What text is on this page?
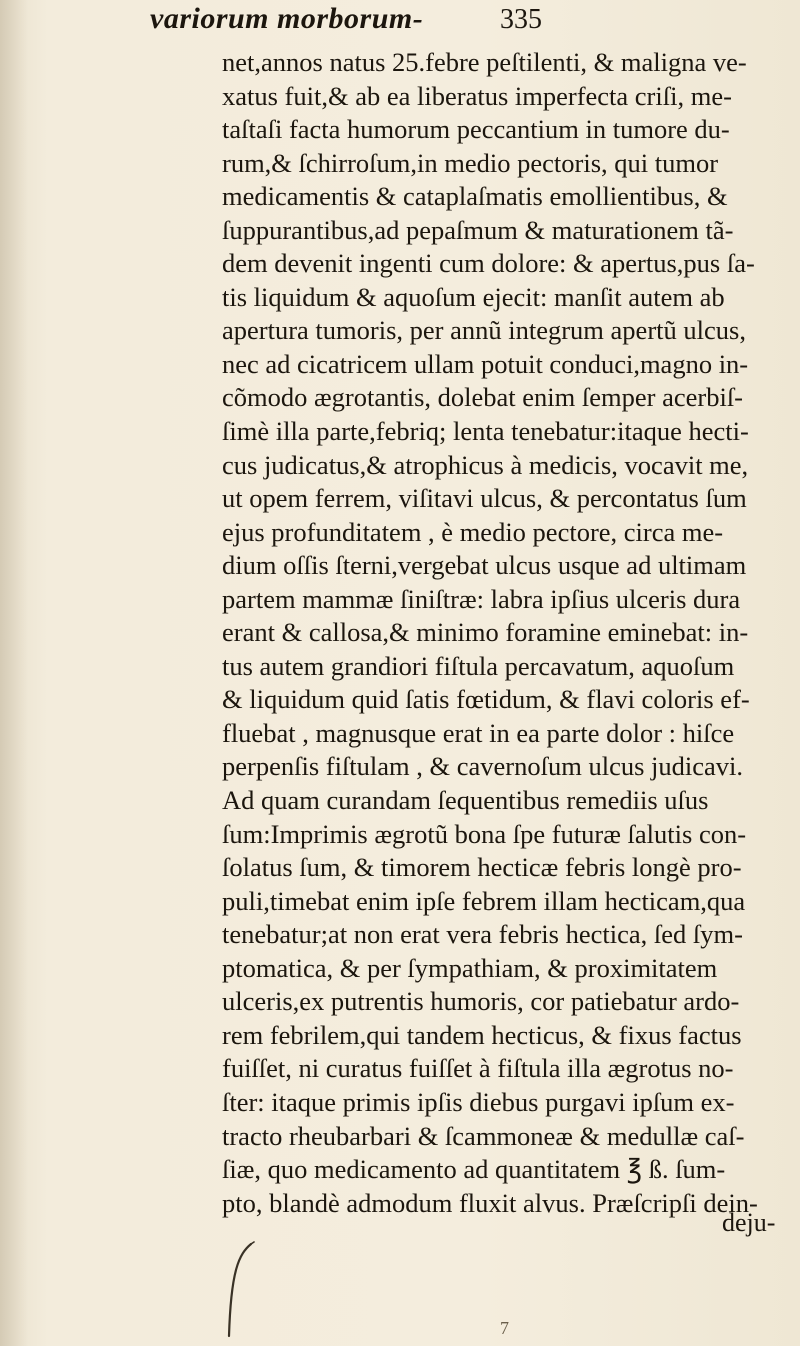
variorum morborum-	335
net,annos natus 25.febre peſtilenti, & maligna ve-
xatus fuit,& ab ea liberatus imperfecta criſi, me-
taſtaſi facta humorum peccantium in tumore du-
rum,& ſchirroſum,in medio pectoris, qui tumor
medicamentis & cataplaſmatis emollientibus, &
ſuppurantibus,ad pepaſmum & maturationem tã-
dem devenit ingenti cum dolore: & apertus,pus ſa-
tis liquidum & aquoſum ejecit: manſit autem ab
apertura tumoris, per annũ integrum apertũ ulcus,
nec ad cicatricem ullam potuit conduci,magno in-
cõmodo ægrotantis, dolebat enim ſemper acerbiſ-
ſimè illa parte,febriq; lenta tenebatur:itaque hecti-
cus judicatus,& atrophicus à medicis, vocavit me,
ut opem ferrem, viſitavi ulcus, & percontatus ſum
ejus profunditatem , è medio pectore, circa me-
dium oſſis ſterni,vergebat ulcus usque ad ultimam
partem mammæ ſiniſtræ: labra ipſius ulceris dura
erant & callosa,& minimo foramine eminebat: in-
tus autem grandiori fiſtula percavatum, aquoſum
& liquidum quid ſatis fœtidum, & flavi coloris ef-
fluebat , magnusque erat in ea parte dolor : hiſce
perpenſis fiſtulam , & cavernoſum ulcus judicavi.
Ad quam curandam ſequentibus remediis uſus
ſum:Imprimis ægrotũ bona ſpe futuræ ſalutis con-
ſolatus ſum, & timorem hecticæ febris longè pro-
puli,timebat enim ipſe febrem illam hecticam,qua
tenebatur;at non erat vera febris hectica, ſed ſym-
ptomatica, & per ſympathiam, & proximitatem
ulceris,ex putrentis humoris, cor patiebatur ardo-
rem febrilem,qui tandem hecticus, & fixus factus
fuiſſet, ni curatus fuiſſet à fiſtula illa ægrotus no-
ſter: itaque primis ipſis diebus purgavi ipſum ex-
tracto rheubarbari & ſcammoneæ & medullæ caſ-
ſiæ, quo medicamento ad quantitatem ℥ ß. ſum-
pto, blandè admodum fluxit alvus. Præſcripſi dein-
deju-
7
